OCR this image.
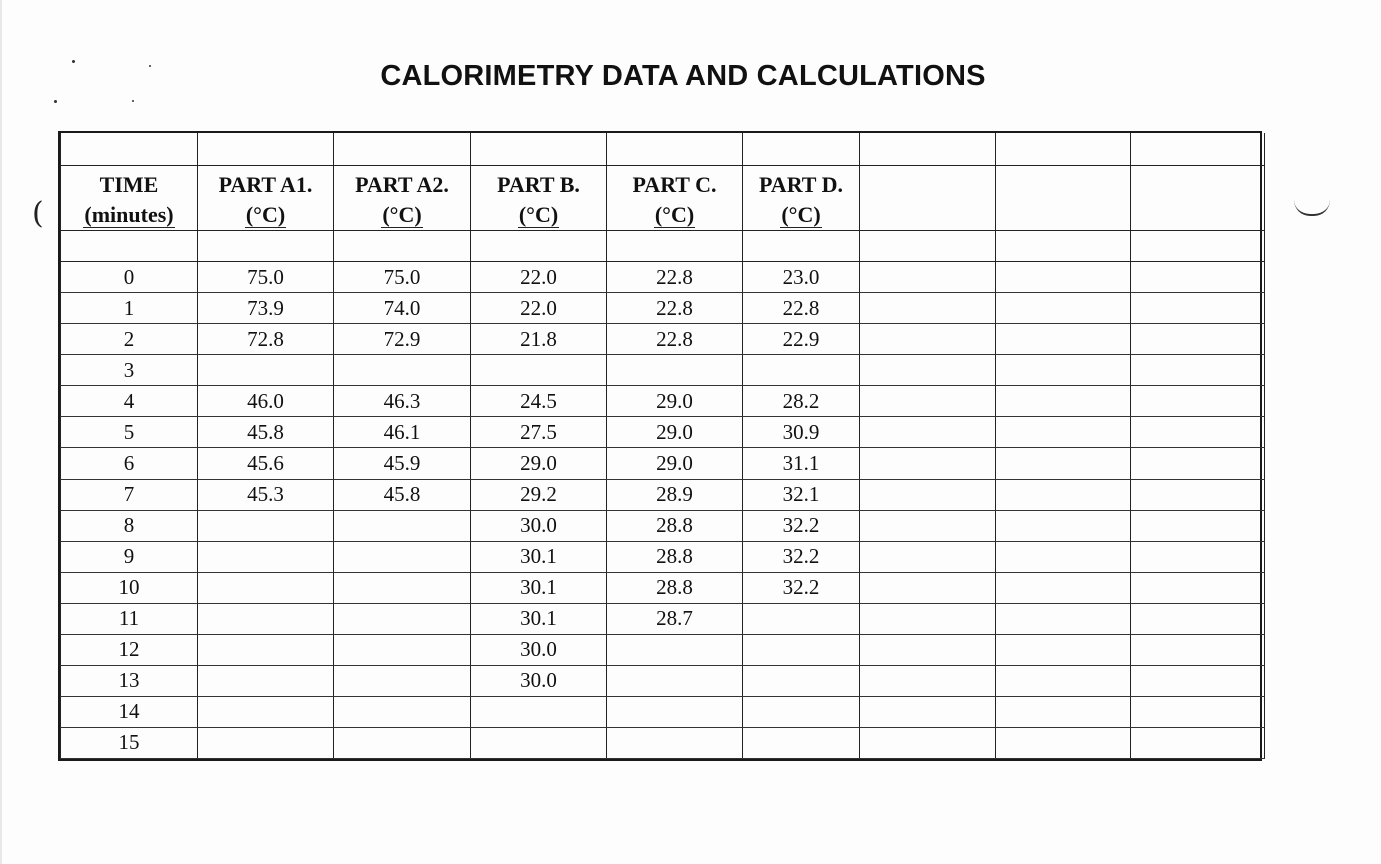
(
CALORIMETRY DATA AND CALCULATIONS

TIME	PART A1.	PART A2.	PART B.	PART C.	PART D.			
(minutes)	(°C)	(°C)	(°C)	(°C)	(°C)			

0	75.0	75.0	22.0	22.8	23.0			
1	73.9	74.0	22.0	22.8	22.8			
2	72.8	72.9	21.8	22.8	22.9			
3								
4	46.0	46.3	24.5	29.0	28.2			
5	45.8	46.1	27.5	29.0	30.9			
6	45.6	45.9	29.0	29.0	31.1			
7	45.3	45.8	29.2	28.9	32.1			
8			30.0	28.8	32.2			
9			30.1	28.8	32.2			
10			30.1	28.8	32.2			
11			30.1	28.7				
12			30.0					
13			30.0					
14								
15								
